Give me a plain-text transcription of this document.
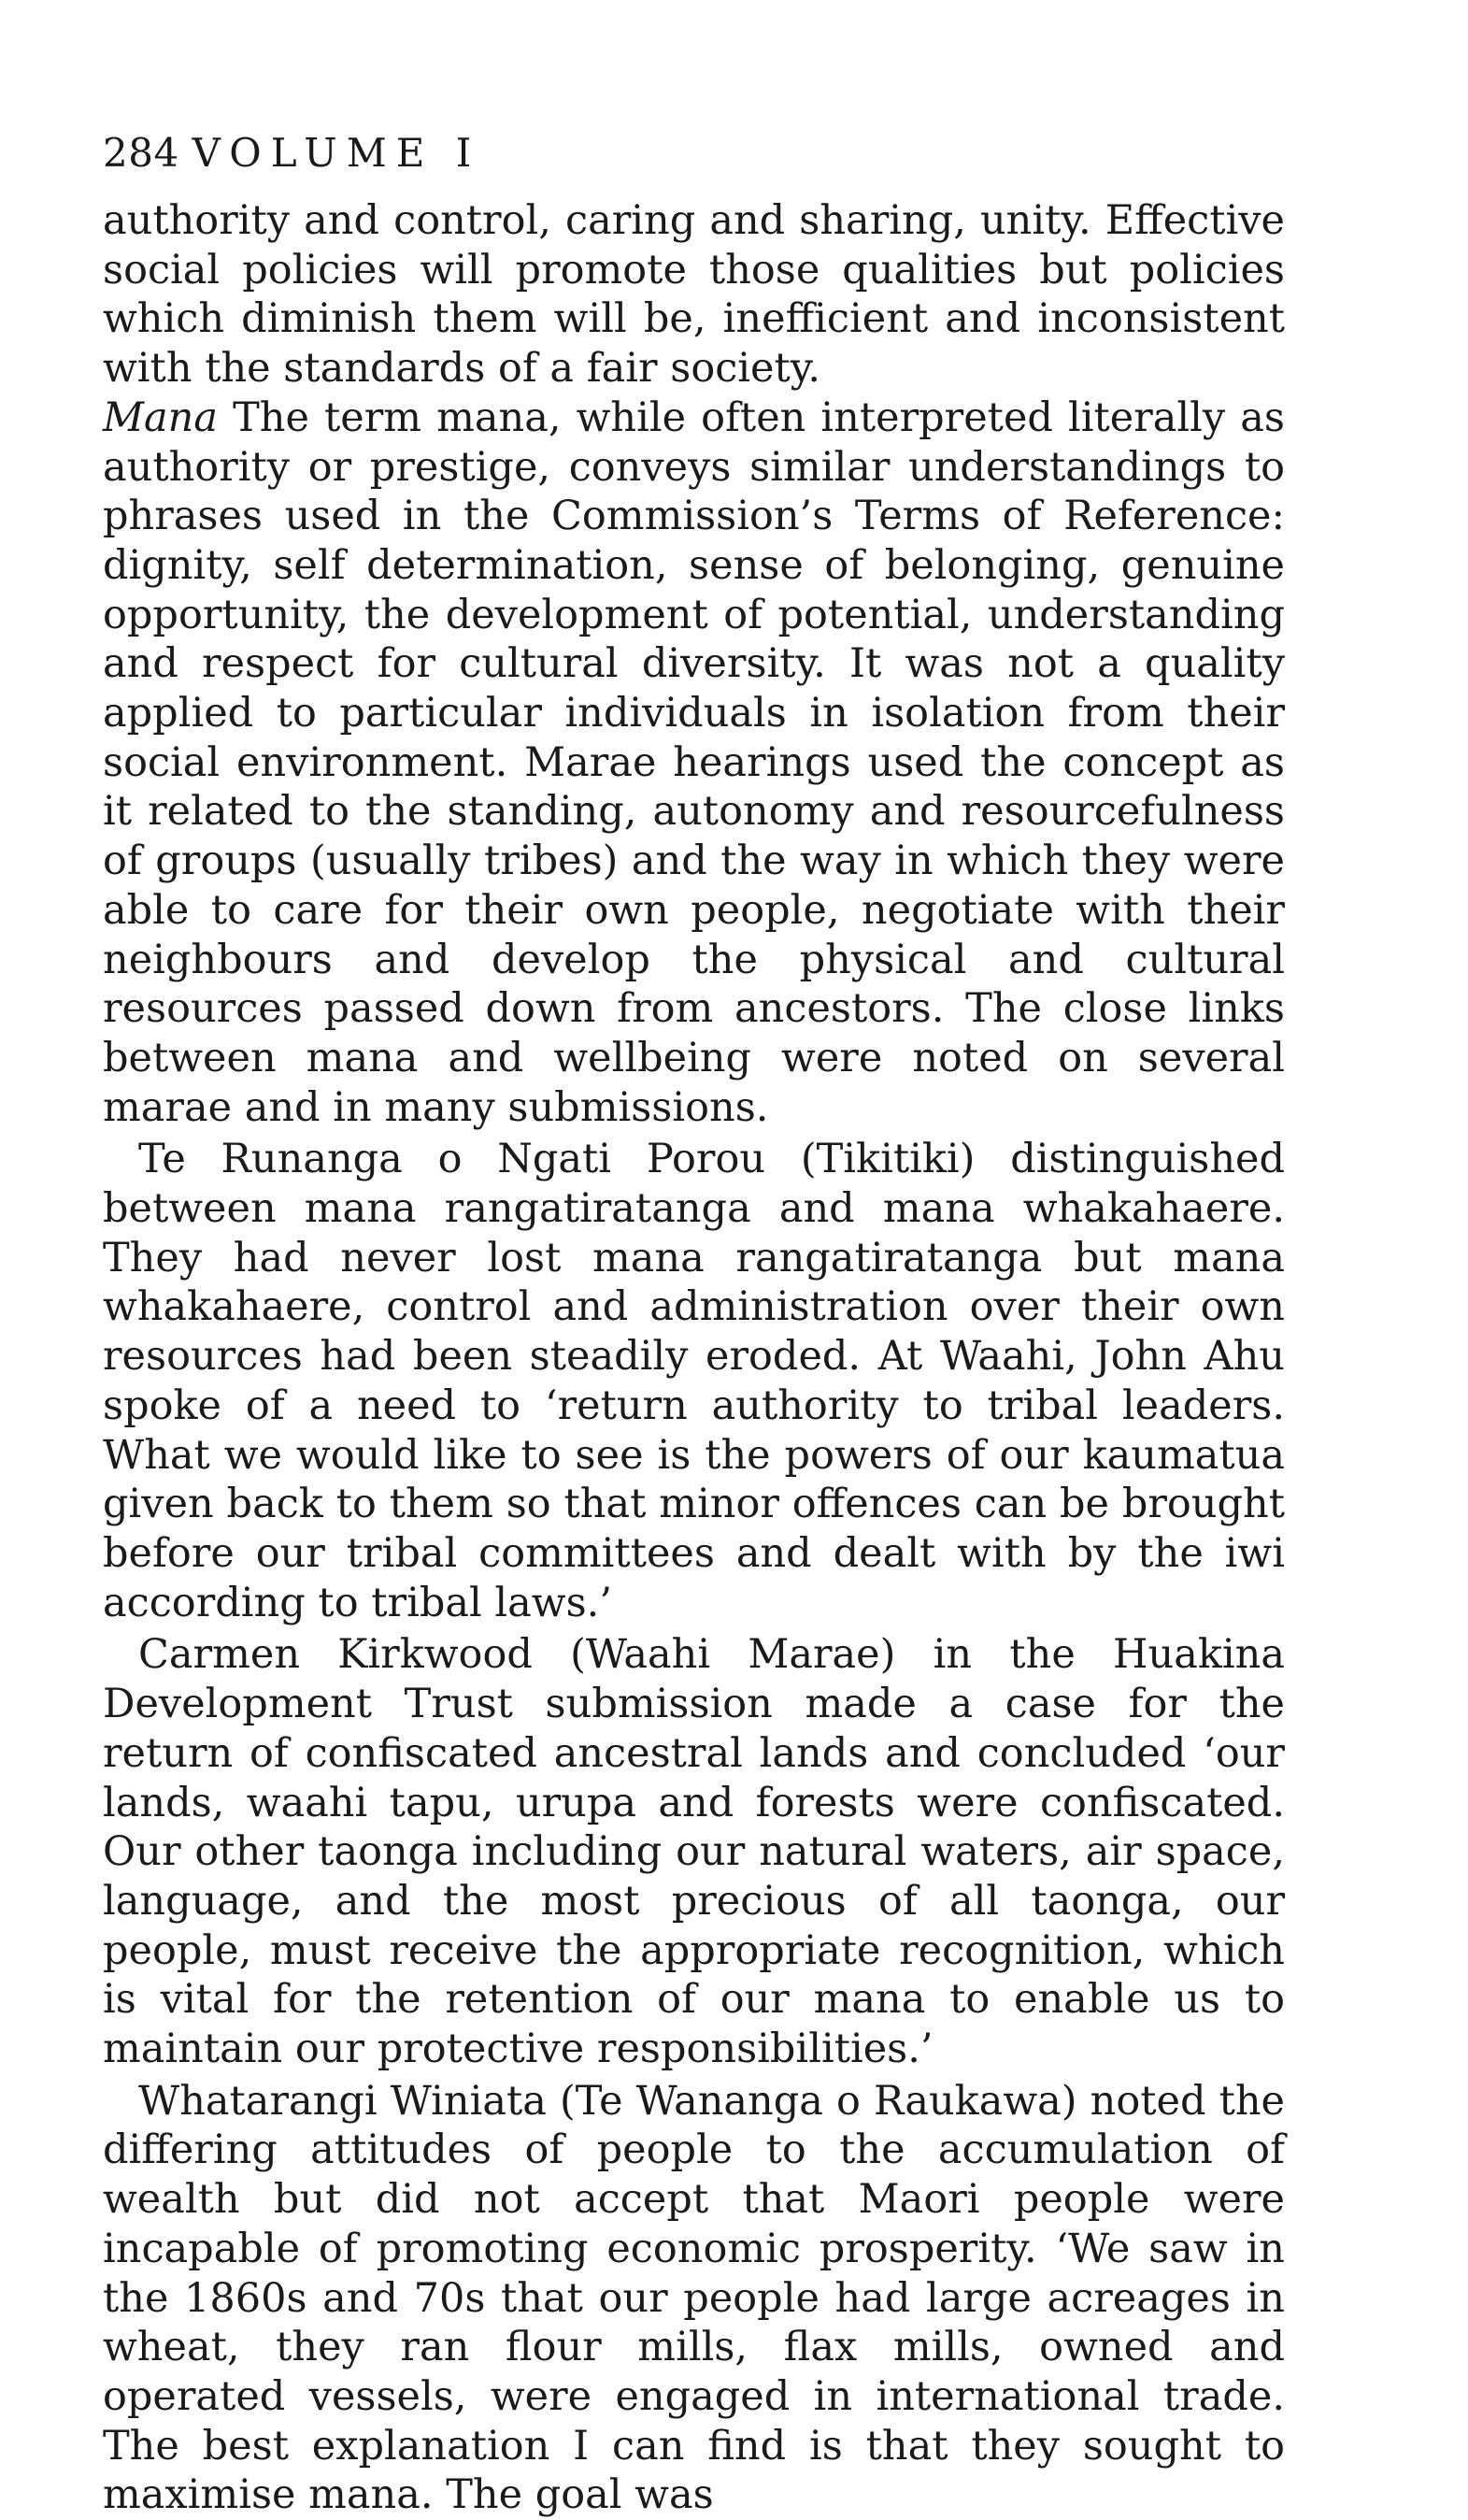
284 VOLUME I

authority and control, caring and sharing, unity. Effective social policies will promote those qualities but policies which diminish them will be, inefficient and inconsistent with the standards of a fair society.

Mana The term mana, while often interpreted literally as authority or prestige, conveys similar understandings to phrases used in the Commission’s Terms of Reference: dignity, self determination, sense of belonging, genuine opportunity, the development of potential, understanding and respect for cultural diversity. It was not a quality applied to particular individuals in isolation from their social environment. Marae hearings used the concept as it related to the standing, autonomy and resourcefulness of groups (usually tribes) and the way in which they were able to care for their own people, negotiate with their neighbours and develop the physical and cultural resources passed down from ancestors. The close links between mana and wellbeing were noted on several marae and in many submissions.

Te Runanga o Ngati Porou (Tikitiki) distinguished between mana rangatiratanga and mana whakahaere. They had never lost mana rangatiratanga but mana whakahaere, control and administration over their own resources had been steadily eroded. At Waahi, John Ahu spoke of a need to ‘return authority to tribal leaders. What we would like to see is the powers of our kaumatua given back to them so that minor offences can be brought before our tribal committees and dealt with by the iwi according to tribal laws.’

Carmen Kirkwood (Waahi Marae) in the Huakina Development Trust submission made a case for the return of confiscated ancestral lands and concluded ‘our lands, waahi tapu, urupa and forests were confiscated. Our other taonga including our natural waters, air space, language, and the most precious of all taonga, our people, must receive the appropriate recognition, which is vital for the retention of our mana to enable us to maintain our protective responsibilities.’

Whatarangi Winiata (Te Wananga o Raukawa) noted the differing attitudes of people to the accumulation of wealth but did not accept that Maori people were incapable of promoting economic prosperity. ‘We saw in the 1860s and 70s that our people had large acreages in wheat, they ran flour mills, flax mills, owned and operated vessels, were engaged in international trade. The best explanation I can find is that they sought to maximise mana. The goal was
